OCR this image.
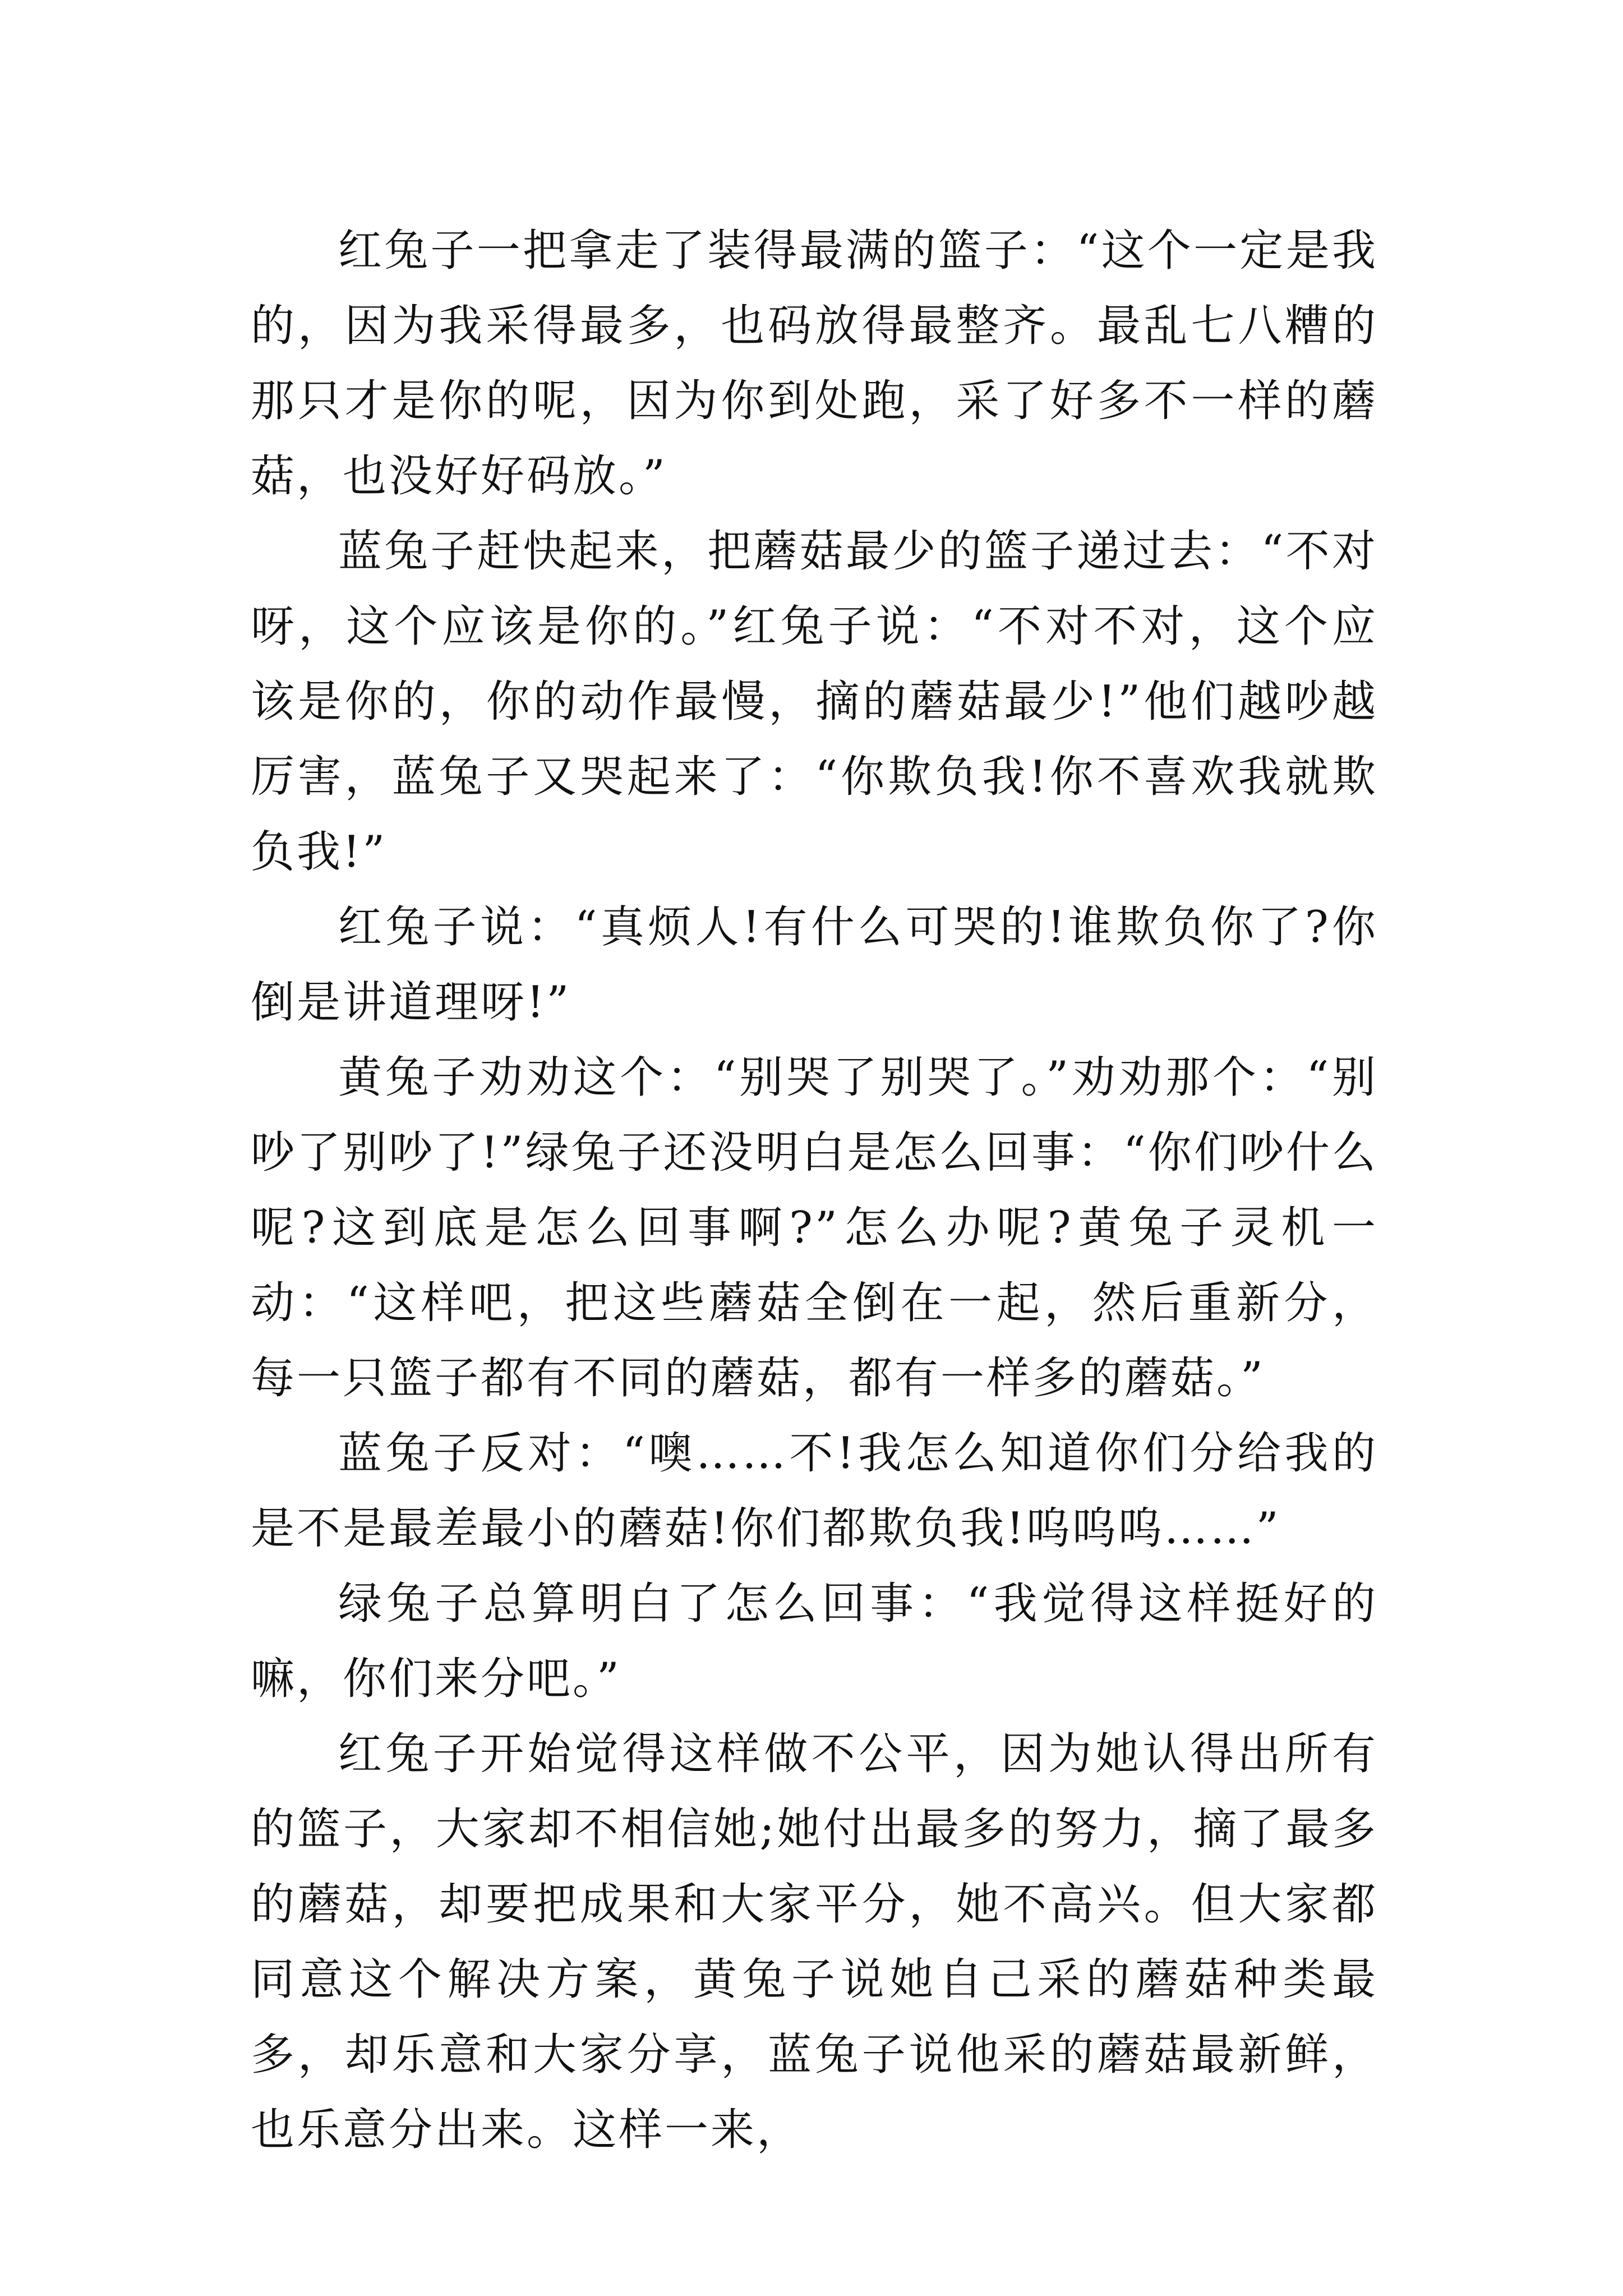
红兔子一把拿走了装得最满的篮子：“这个一定是我的，因为我采得最多，也码放得最整齐。最乱七八糟的那只才是你的呢，因为你到处跑，采了好多不一样的蘑菇，也没好好码放。”

蓝兔子赶快起来，把蘑菇最少的篮子递过去：“不对呀，这个应该是你的。”红兔子说：“不对不对，这个应该是你的，你的动作最慢，摘的蘑菇最少!”他们越吵越厉害，蓝兔子又哭起来了：“你欺负我!你不喜欢我就欺负我!”

红兔子说：“真烦人!有什么可哭的!谁欺负你了?你倒是讲道理呀!”

黄兔子劝劝这个：“别哭了别哭了。”劝劝那个：“别吵了别吵了!”绿兔子还没明白是怎么回事：“你们吵什么呢?这到底是怎么回事啊?”怎么办呢?黄兔子灵机一动：“这样吧，把这些蘑菇全倒在一起，然后重新分，每一只篮子都有不同的蘑菇，都有一样多的蘑菇。”

蓝兔子反对：“噢……不!我怎么知道你们分给我的是不是最差最小的蘑菇!你们都欺负我!呜呜呜……”

绿兔子总算明白了怎么回事：“我觉得这样挺好的嘛，你们来分吧。”

红兔子开始觉得这样做不公平，因为她认得出所有的篮子，大家却不相信她;她付出最多的努力，摘了最多的蘑菇，却要把成果和大家平分，她不高兴。但大家都同意这个解决方案，黄兔子说她自己采的蘑菇种类最多，却乐意和大家分享，蓝兔子说他采的蘑菇最新鲜，也乐意分出来。这样一来，
